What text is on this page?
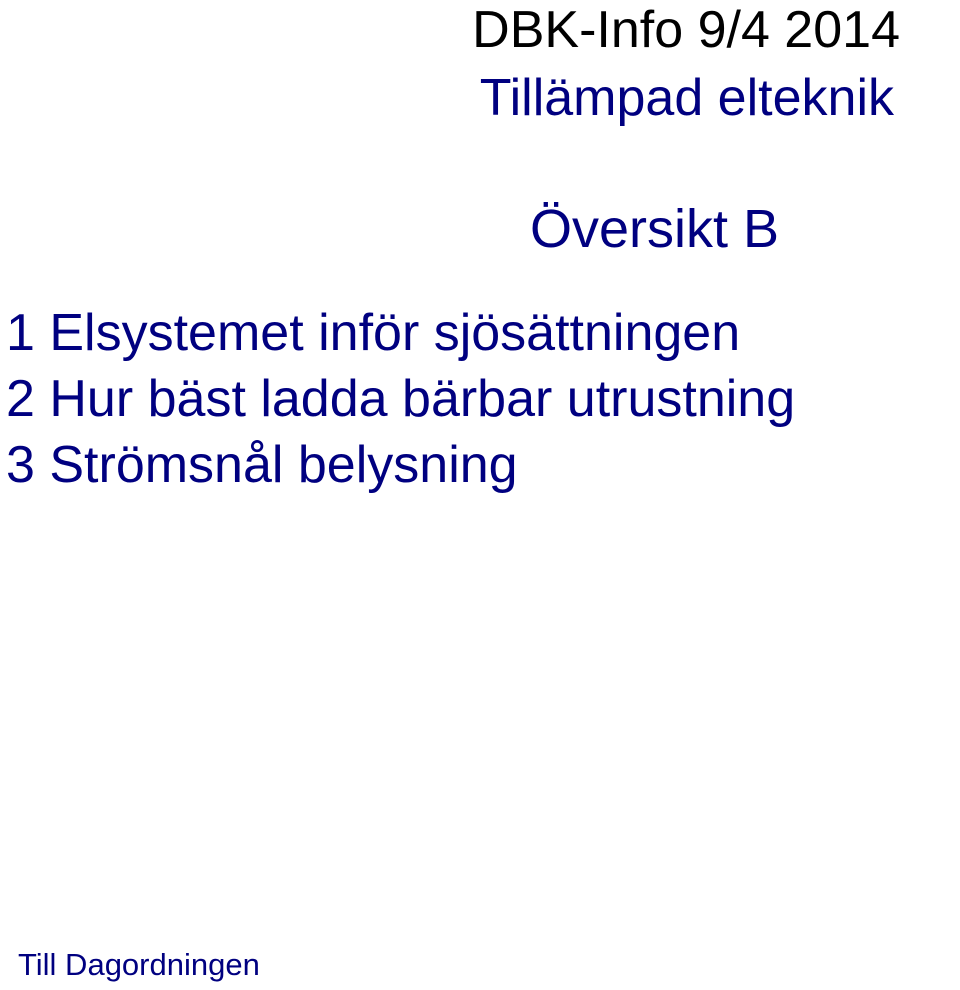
DBK-Info 9/4 2014
Tillämpad elteknik
Översikt B
1 Elsystemet inför sjösättningen
2 Hur bäst ladda bärbar utrustning
3 Strömsnål belysning
Till Dagordningen
